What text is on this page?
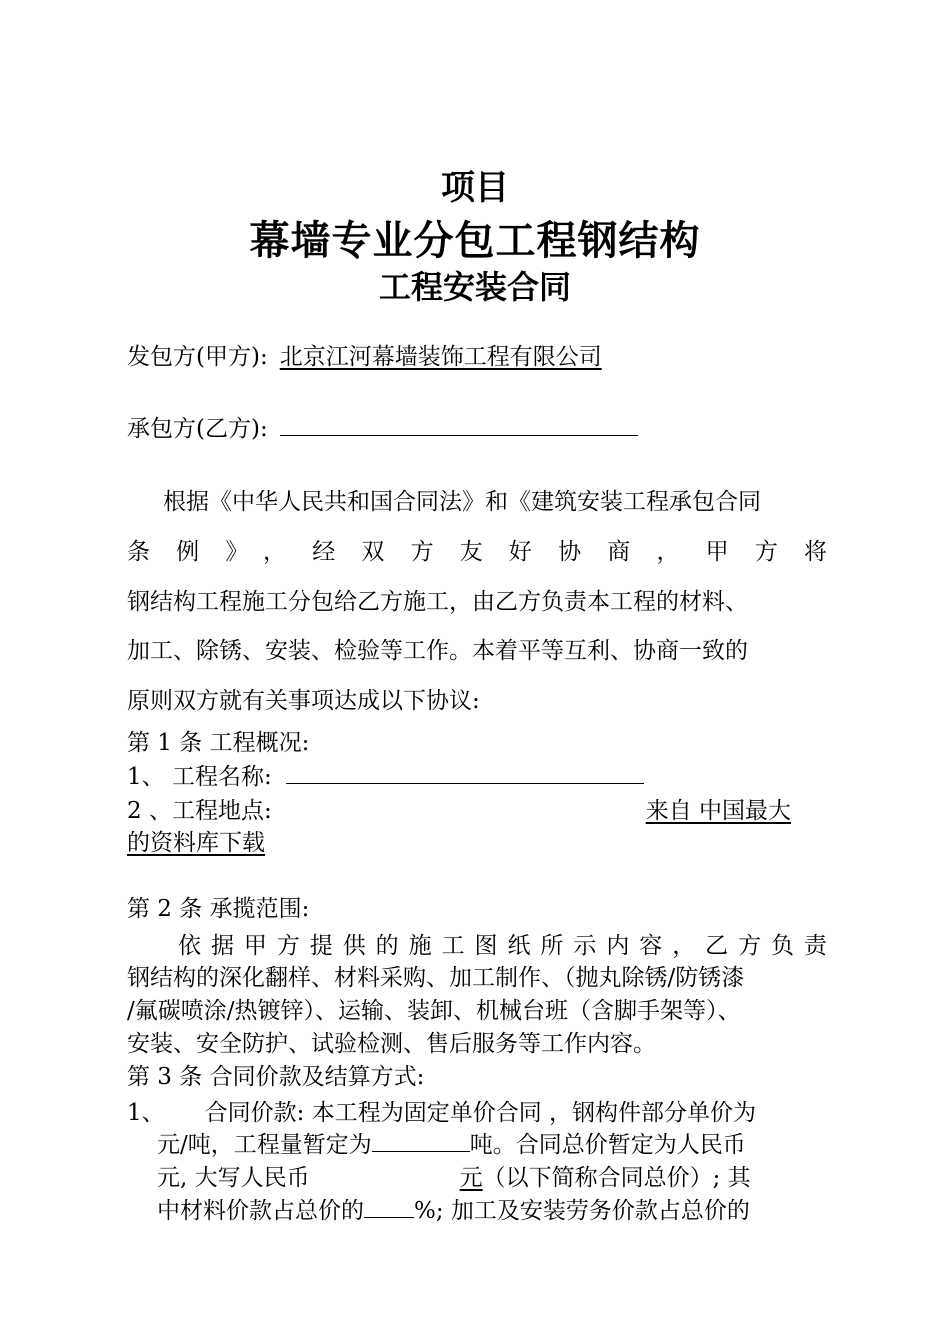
项目
幕墙专业分包工程钢结构
工程安装合同
发包方(甲方): 北京江河幕墙装饰工程有限公司
承包方(乙方):
根据《中华人民共和国合同法》和《建筑安装工程承包合同
条例》，经双方友好协商，甲方将
钢结构工程施工分包给乙方施工，由乙方负责本工程的材料、
加工、除锈、安装、检验等工作。本着平等互利、协商一致的
原则双方就有关事项达成以下协议:
第 1 条 工程概况:
1、 工程名称:
2 、工程地点:	来自 中国最大
的资料库下载
第 2 条 承揽范围:
依据甲方提供的施工图纸所示内容，乙方负责
钢结构的深化翻样、材料采购、加工制作、（抛丸除锈/防锈漆
/氟碳喷涂/热镀锌）、运输、装卸、机械台班（含脚手架等）、
安装、安全防护、试验检测、售后服务等工作内容。
第 3 条 合同价款及结算方式:
1、 合同价款: 本工程为固定单价合同 ，钢构件部分单价为
元/吨，工程量暂定为	吨。合同总价暂定为人民币
元, 大写人民币	元（以下简称合同总价）; 其
中材料价款占总价的 %; 加工及安装劳务价款占总价的
